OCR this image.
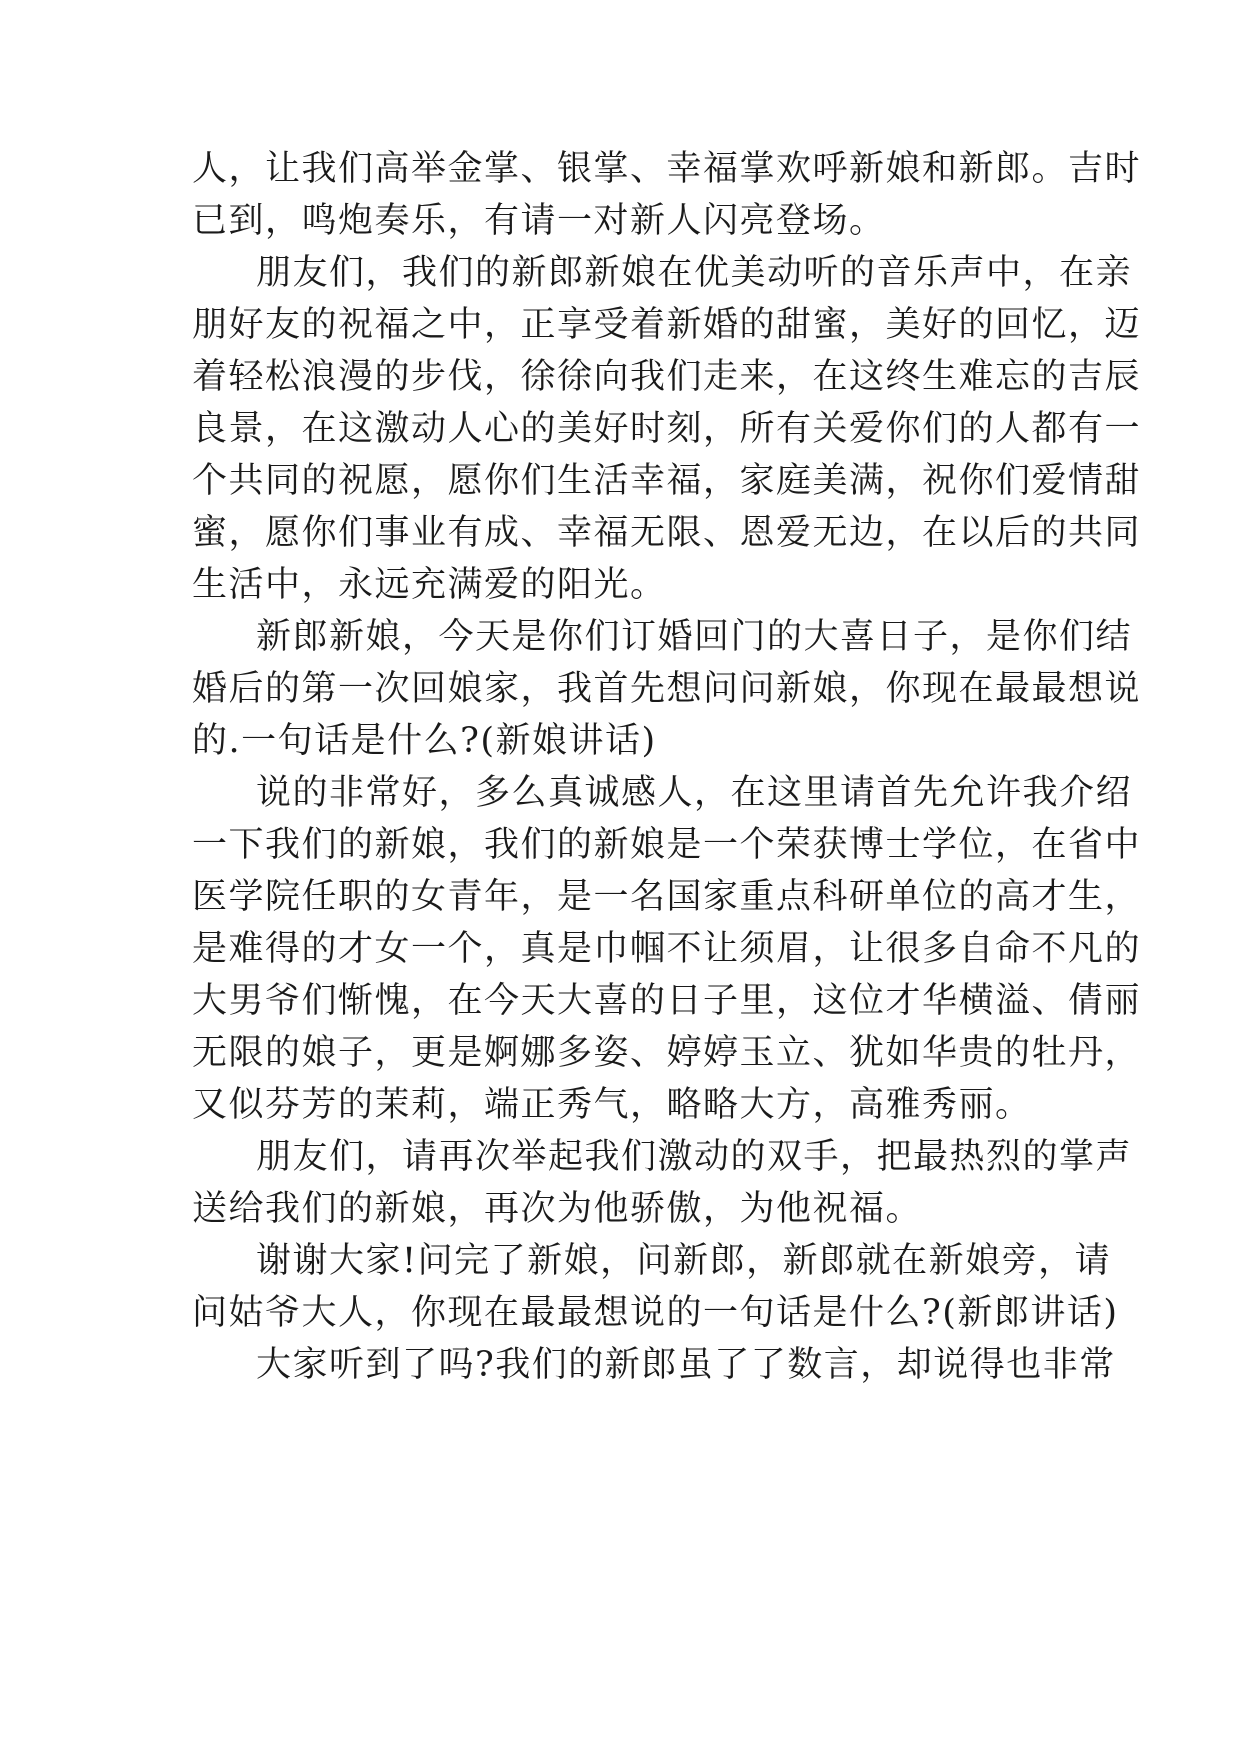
人，让我们高举金掌、银掌、幸福掌欢呼新娘和新郎。吉时

已到，鸣炮奏乐，有请一对新人闪亮登场。

朋友们，我们的新郎新娘在优美动听的音乐声中，在亲

朋好友的祝福之中，正享受着新婚的甜蜜，美好的回忆，迈

着轻松浪漫的步伐，徐徐向我们走来，在这终生难忘的吉辰

良景，在这激动人心的美好时刻，所有关爱你们的人都有一

个共同的祝愿，愿你们生活幸福，家庭美满，祝你们爱情甜

蜜，愿你们事业有成、幸福无限、恩爱无边，在以后的共同

生活中，永远充满爱的阳光。

新郎新娘，今天是你们订婚回门的大喜日子，是你们结

婚后的第一次回娘家，我首先想问问新娘，你现在最最想说

的.一句话是什么?(新娘讲话)

说的非常好，多么真诚感人，在这里请首先允许我介绍

一下我们的新娘，我们的新娘是一个荣获博士学位，在省中

医学院任职的女青年，是一名国家重点科研单位的高才生，

是难得的才女一个，真是巾帼不让须眉，让很多自命不凡的

大男爷们惭愧，在今天大喜的日子里，这位才华横溢、倩丽

无限的娘子，更是婀娜多姿、婷婷玉立、犹如华贵的牡丹，

又似芬芳的茉莉，端正秀气，略略大方，高雅秀丽。

朋友们，请再次举起我们激动的双手，把最热烈的掌声

送给我们的新娘，再次为他骄傲，为他祝福。

谢谢大家!问完了新娘，问新郎，新郎就在新娘旁，请

问姑爷大人，你现在最最想说的一句话是什么?(新郎讲话)

大家听到了吗?我们的新郎虽了了数言，却说得也非常
